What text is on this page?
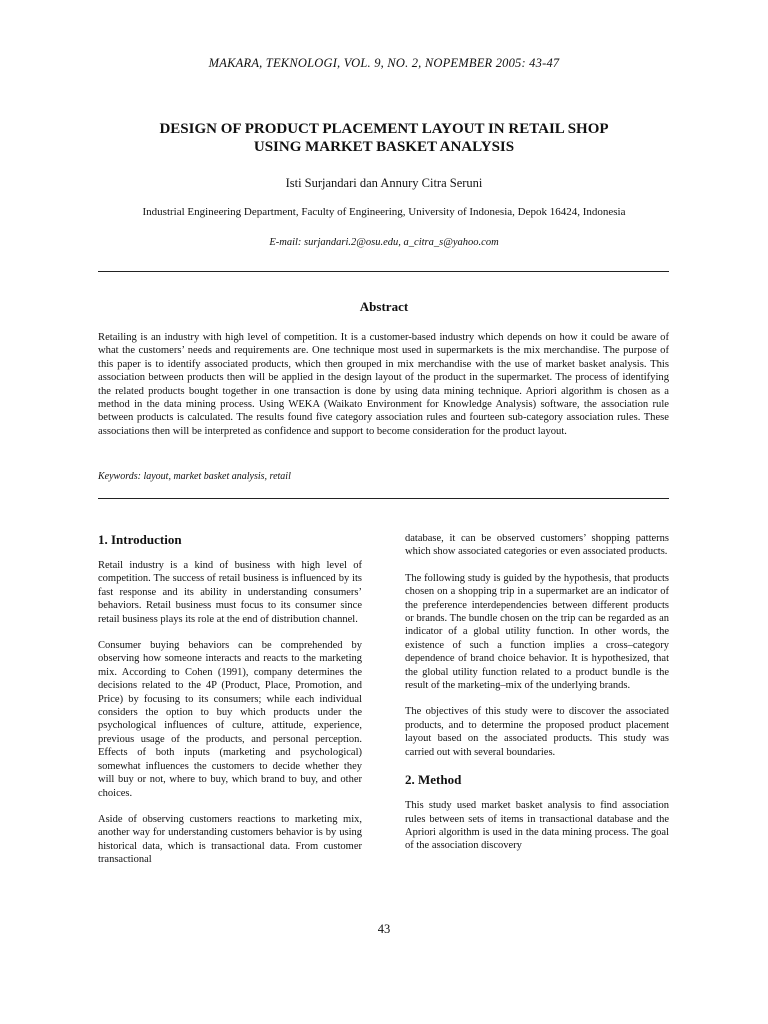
MAKARA, TEKNOLOGI, VOL. 9, NO. 2, NOPEMBER 2005: 43-47
DESIGN OF PRODUCT PLACEMENT LAYOUT IN RETAIL SHOP
USING MARKET BASKET ANALYSIS
Isti Surjandari dan Annury Citra Seruni
Industrial Engineering Department, Faculty of Engineering, University of Indonesia, Depok 16424, Indonesia
E-mail: surjandari.2@osu.edu, a_citra_s@yahoo.com
Abstract

Retailing is an industry with high level of competition. It is a customer-based industry which depends on how it could be aware of what the customers’ needs and requirements are. One technique most used in supermarkets is the mix merchandise. The purpose of this paper is to identify associated products, which then grouped in mix merchandise with the use of market basket analysis. This association between products then will be applied in the design layout of the product in the supermarket. The process of identifying the related products bought together in one transaction is done by using data mining technique. Apriori algorithm is chosen as a method in the data mining process. Using WEKA (Waikato Environment for Knowledge Analysis) software, the association rule between products is calculated. The results found five category association rules and fourteen sub-category association rules. These associations then will be interpreted as confidence and support to become consideration for the product layout.

Keywords: layout, market basket analysis, retail

1. Introduction

Retail industry is a kind of business with high level of competition. The success of retail business is influenced by its fast response and its ability in understanding consumers’ behaviors. Retail business must focus to its consumer since retail business plays its role at the end of distribution channel.

Consumer buying behaviors can be comprehended by observing how someone interacts and reacts to the marketing mix. According to Cohen (1991), company determines the decisions related to the 4P (Product, Place, Promotion, and Price) by focusing to its consumers; while each individual considers the option to buy which products under the psychological influences of culture, attitude, experience, previous usage of the products, and personal perception. Effects of both inputs (marketing and psychological) somewhat influences the customers to decide whether they will buy or not, where to buy, which brand to buy, and other choices.

Aside of observing customers reactions to marketing mix, another way for understanding customers behavior is by using historical data, which is transactional data. From customer transactional

database, it can be observed customers’ shopping patterns which show associated categories or even associated products.

The following study is guided by the hypothesis, that products chosen on a shopping trip in a supermarket are an indicator of the preference interdependencies between different products or brands. The bundle chosen on the trip can be regarded as an indicator of a global utility function. In other words, the existence of such a function implies a cross–category dependence of brand choice behavior. It is hypothesized, that the global utility function related to a product bundle is the result of the marketing–mix of the underlying brands.

The objectives of this study were to discover the associated products, and to determine the proposed product placement layout based on the associated products. This study was carried out with several boundaries.

2. Method

This study used market basket analysis to find association rules between sets of items in transactional database and the Apriori algorithm is used in the data mining process. The goal of the association discovery

43
